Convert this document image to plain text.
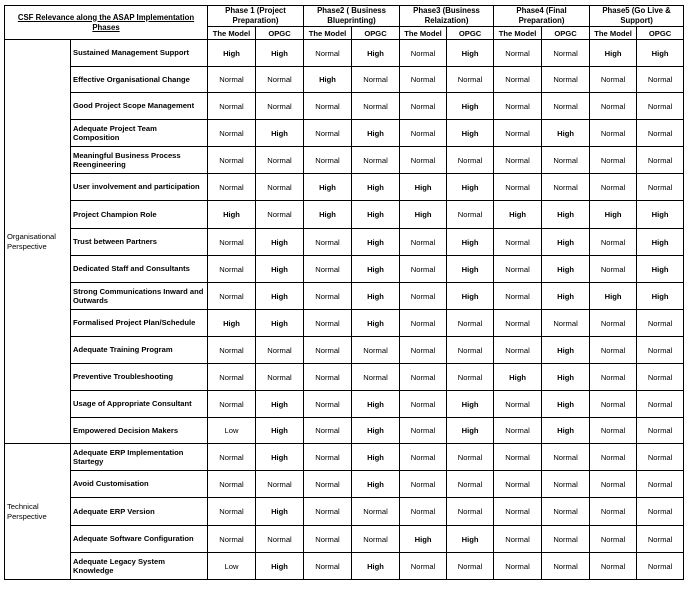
CSF Relevance along the ASAP Implementation Phases		Phase 1 (Project Preparation)		Phase2 ( Business Blueprinting)		Phase3 (Business Relaization)		Phase4 (Final Preparation)		Phase5 (Go Live & Support)	

		The Model	OPGC	The Model	OPGC	The Model	OPGC	The Model	OPGC	The Model	OPGC
Organisational Perspective	Sustained Management Support	High	High	Normal	High	Normal	High	Normal	Normal	High	High
	Effective Organisational Change	Normal	Normal	High	Normal	Normal	Normal	Normal	Normal	Normal	Normal
	Good Project Scope Management	Normal	Normal	Normal	Normal	Normal	High	Normal	Normal	Normal	Normal
	Adequate Project Team Composition	Normal	High	Normal	High	Normal	High	Normal	High	Normal	Normal
	Meaningful Business Process Reengineering	Normal	Normal	Normal	Normal	Normal	Normal	Normal	Normal	Normal	Normal
	User involvement and participation	Normal	Normal	High	High	High	High	Normal	Normal	Normal	Normal
	Project Champion Role	High	Normal	High	High	High	Normal	High	High	High	High
	Trust between Partners	Normal	High	Normal	High	Normal	High	Normal	High	Normal	High
	Dedicated Staff and Consultants	Normal	High	Normal	High	Normal	High	Normal	High	Normal	High
	Strong Communications Inward and Outwards	Normal	High	Normal	High	Normal	High	Normal	High	High	High
	Formalised Project Plan/Schedule	High	High	Normal	High	Normal	Normal	Normal	Normal	Normal	Normal
	Adequate Training Program	Normal	Normal	Normal	Normal	Normal	Normal	Normal	High	Normal	Normal
	Preventive Troubleshooting	Normal	Normal	Normal	Normal	Normal	Normal	High	High	Normal	Normal
	Usage of Appropriate Consultant	Normal	High	Normal	High	Normal	High	Normal	High	Normal	Normal
	Empowered Decision Makers	Low	High	Normal	High	Normal	High	Normal	High	Normal	Normal
Technical Perspective	Adequate ERP Implementation Startegy	Normal	High	Normal	High	Normal	Normal	Normal	Normal	Normal	Normal
	Avoid Customisation	Normal	Normal	Normal	High	Normal	Normal	Normal	Normal	Normal	Normal
	Adequate ERP Version	Normal	High	Normal	Normal	Normal	Normal	Normal	Normal	Normal	Normal
	Adequate Software Configuration	Normal	Normal	Normal	Normal	High	High	Normal	Normal	Normal	Normal
	Adequate Legacy System Knowledge	Low	High	Normal	High	Normal	Normal	Normal	Normal	Normal	Normal
